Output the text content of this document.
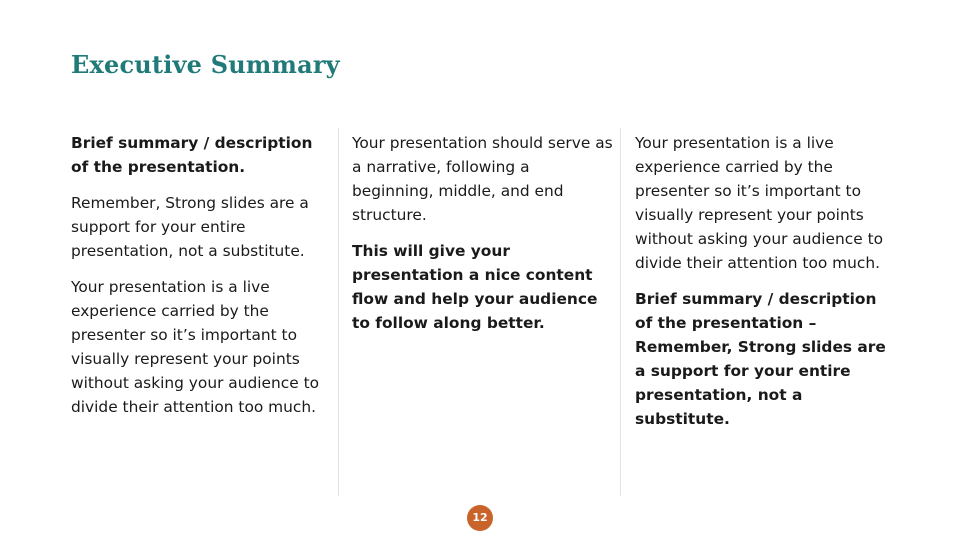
Executive Summary

Brief summary / description of the presentation.

Remember, Strong slides are a support for your entire presentation, not a substitute.

Your presentation is a live experience carried by the presenter so it’s important to visually represent your points without asking your audience to divide their attention too much.

Your presentation should serve as a narrative, following a beginning, middle, and end structure.

This will give your presentation a nice content flow and help your audience to follow along better.

Your presentation is a live experience carried by the presenter so it’s important to visually represent your points without asking your audience to divide their attention too much.

Brief summary / description of the presentation – Remember, Strong slides are a support for your entire presentation, not a substitute.

12
